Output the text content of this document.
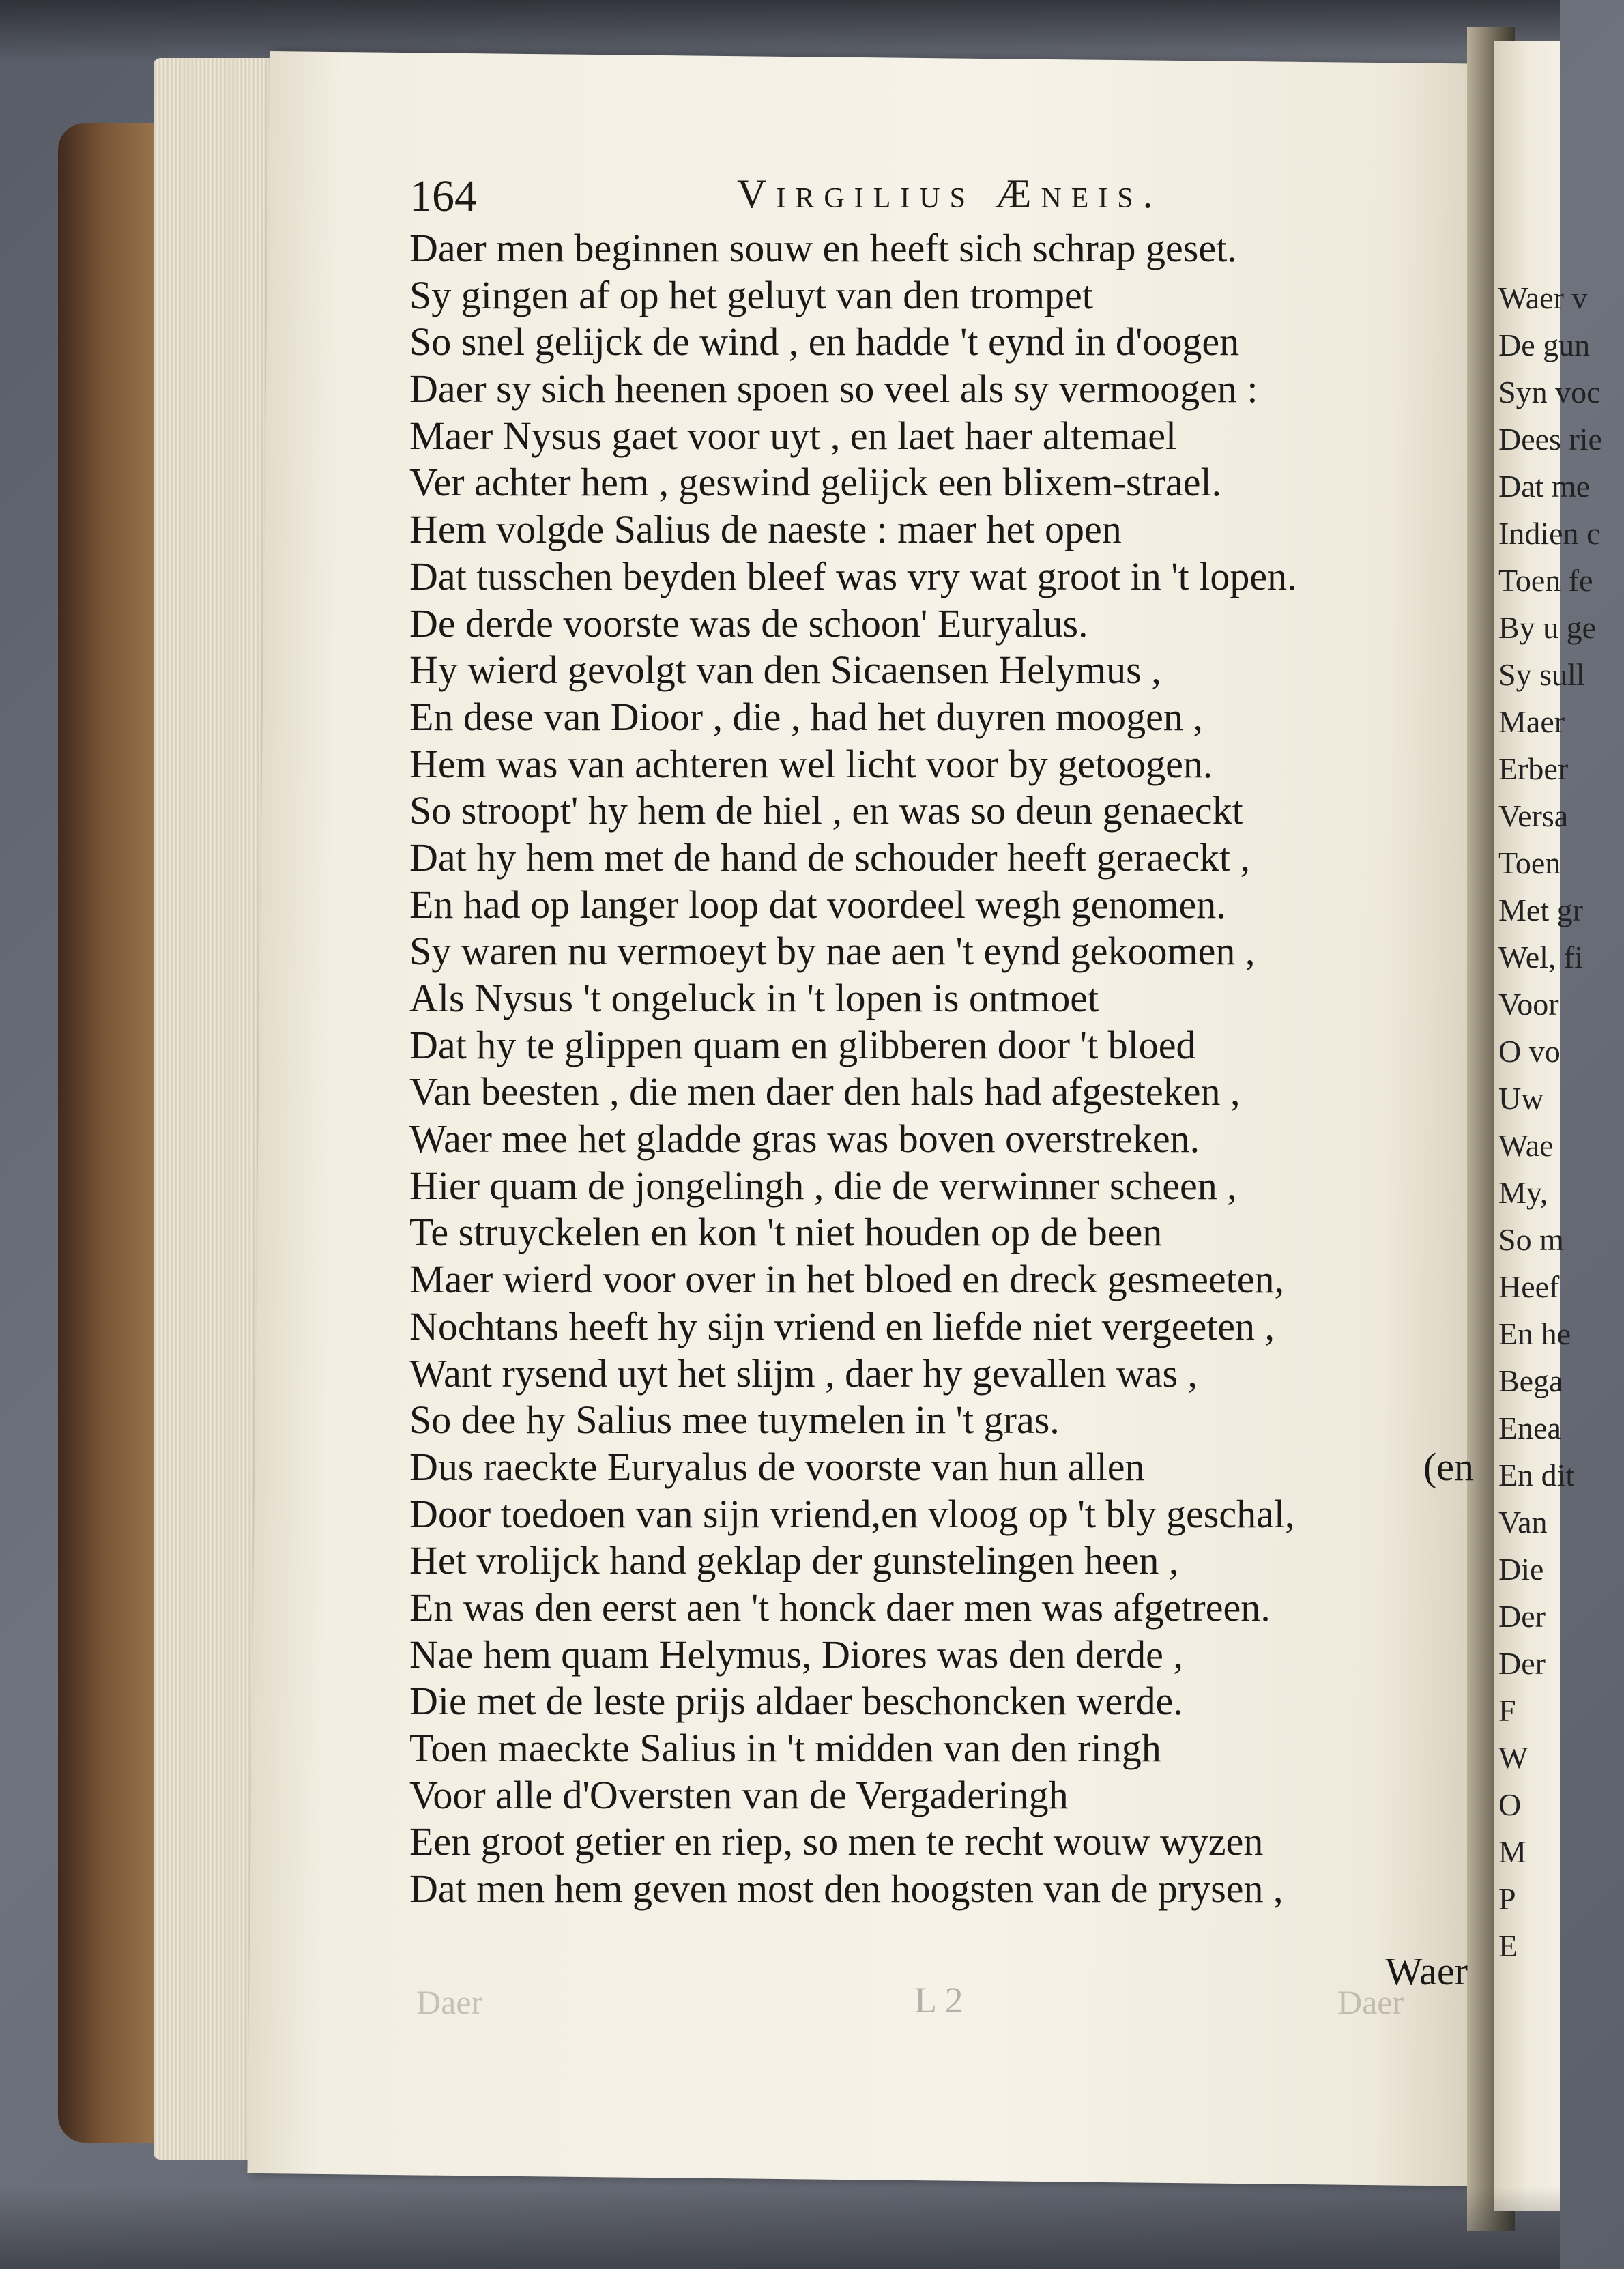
Waer v
De gun
Syn voc
Dees rie
Dat me
Indien c
Toen fe
By u ge
Sy sull
Maer
Erber
Versa
Toen
Met gr
Wel, fi
Voor
O vo
Uw
Wae
My,
So m
Heef
En he
Bega
Enea
En dit
Van
Die
Der
Der
F
W
O
M
P
E
164	Virgilius Æneis.
Daer men beginnen souw en heeft sich schrap geset.
Sy gingen af op het geluyt van den trompet
So snel gelijck de wind , en hadde 't eynd in d'oogen
Daer sy sich heenen spoen so veel als sy vermoogen :
Maer Nysus gaet voor uyt , en laet haer altemael
Ver achter hem , geswind gelijck een blixem-strael.
Hem volgde Salius de naeste : maer het open
Dat tusschen beyden bleef was vry wat groot in 't lopen.
De derde voorste was de schoon' Euryalus.
Hy wierd gevolgt van den Sicaensen Helymus ,
En dese van Dioor , die , had het duyren moogen ,
Hem was van achteren wel licht voor by getoogen.
So stroopt' hy hem de hiel , en was so deun genaeckt
Dat hy hem met de hand de schouder heeft geraeckt ,
En had op langer loop dat voordeel wegh genomen.
Sy waren nu vermoeyt by nae aen 't eynd gekoomen ,
Als Nysus 't ongeluck in 't lopen is ontmoet
Dat hy te glippen quam en glibberen door 't bloed
Van beesten , die men daer den hals had afgesteken ,
Waer mee het gladde gras was boven overstreken.
Hier quam de jongelingh , die de verwinner scheen ,
Te struyckelen en kon 't niet houden op de been
Maer wierd voor over in het bloed en dreck gesmeeten,
Nochtans heeft hy sijn vriend en liefde niet vergeeten ,
Want rysend uyt het slijm , daer hy gevallen was ,
So dee hy Salius mee tuymelen in 't gras.
Dus raeckte Euryalus de voorste van hun allen	(en
Door toedoen van sijn vriend,en vloog op 't bly geschal,
Het vrolijck hand geklap der gunstelingen heen ,
En was den eerst aen 't honck daer men was afgetreen.
Nae hem quam Helymus, Diores was den derde ,
Die met de leste prijs aldaer beschoncken werde.
Toen maeckte Salius in 't midden van den ringh
Voor alle d'Oversten van de Vergaderingh
Een groot getier en riep, so men te recht wouw wyzen
Dat men hem geven most den hoogsten van de prysen ,
Daer	L 2	Daer
Waer
